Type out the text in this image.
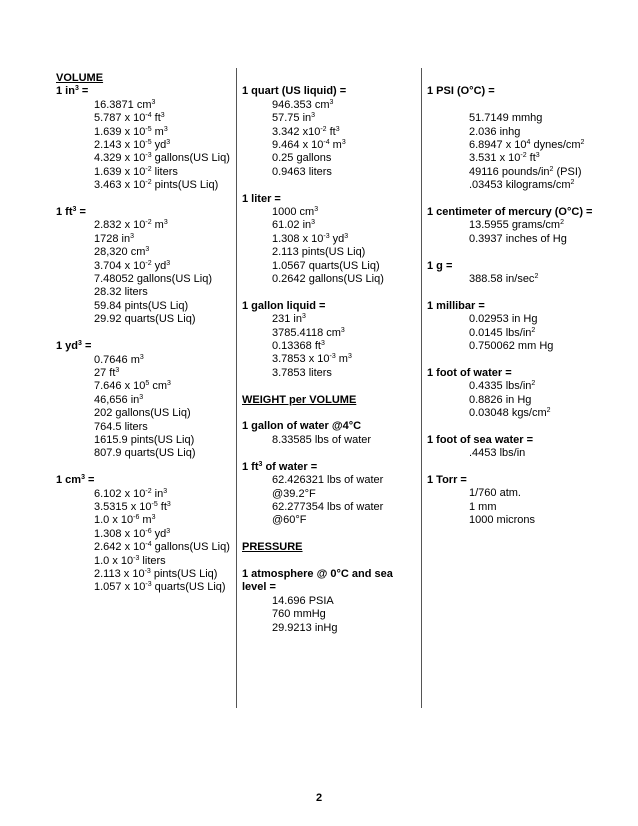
VOLUME
1 $in^3$ =
16.3871 $cm^3$
5.787 x $10^{-4}$ $ft^3$
1.639 x $10^{-5}$ $m^3$
2.143 x $10^{-5}$ $yd^3$
4.329 x $10^{-3}$ gallons(US Liq)
1.639 x $10^{-2}$ liters
3.463 x $10^{-2}$ pints(US Liq)
1 $ft^3$ =
2.832 x $10^{-2}$ $m^3$
1728 $in^3$
28,320 $cm^3$
3.704 x $10^{-2}$ $yd^3$
7.48052 gallons(US Liq)
28.32 liters
59.84 pints(US Liq)
29.92 quarts(US Liq)
1 $yd^3$ =
0.7646 $m^3$
27 $ft^3$
7.646 x $10^5$ $cm^3$
46,656 $in^3$
202 gallons(US Liq)
764.5 liters
1615.9 pints(US Liq)
807.9 quarts(US Liq)
1 $cm^3$ =
6.102 x $10^{-2}$ $in^3$
3.5315 x $10^{-5}$ $ft^3$
1.0 x $10^{-6}$ $m^3$
1.308 x $10^{-6}$ $yd^3$
2.642 x $10^{-4}$ gallons(US Liq)
1.0 x $10^{-3}$ liters
2.113 x $10^{-3}$ pints(US Liq)
1.057 x $10^{-3}$ quarts(US Liq)
1 quart (US liquid) =
946.353 $cm^3$
57.75 $in^3$
3.342 $x10^{-2}$ $ft^3$
9.464 x $10^{-4}$ $m^3$
0.25 gallons
0.9463 liters
1 liter =
1000 $cm^3$
61.02 $in^3$
1.308 x $10^{-3}$ $yd^3$
2.113 pints(US Liq)
1.0567 quarts(US Liq)
0.2642 gallons(US Liq)
1 gallon liquid =
231 $in^3$
3785.4118 $cm^3$
0.13368 $ft^3$
3.7853 x $10^{-3}$ $m^3$
3.7853 liters
WEIGHT per VOLUME
1 gallon of water @4°C
8.33585 lbs of water
1 $ft^3$ of water =
62.426321 lbs of water
@39.2°F
62.277354 lbs of water
@60°F
PRESSURE
1 atmosphere @ 0°C and sea level =
14.696 PSIA
760 mmHg
29.9213 inHg
1 PSI (O°C) =
51.7149 mmhg
2.036 inhg
6.8947 x $10^4$ dynes/$cm^2$
3.531 x $10^{-2}$ $ft^3$
49116 pounds/$in^2$ (PSI)
.03453 kilograms/$cm^2$
1 centimeter of mercury (O°C) =
13.5955 grams/$cm^2$
0.3937 inches of Hg
1 g =
388.58 $in/\sec^2$
1 millibar =
0.02953 in Hg
0.0145 lbs/$in^2$
0.750062 mm Hg
1 foot of water =
0.4335 lbs/$in^2$
0.8826 in Hg
0.03048 kgs/$cm^2$
1 foot of sea water =
.4453 lbs/in
1 Torr =
1/760 atm.
1 mm
1000 microns
2
